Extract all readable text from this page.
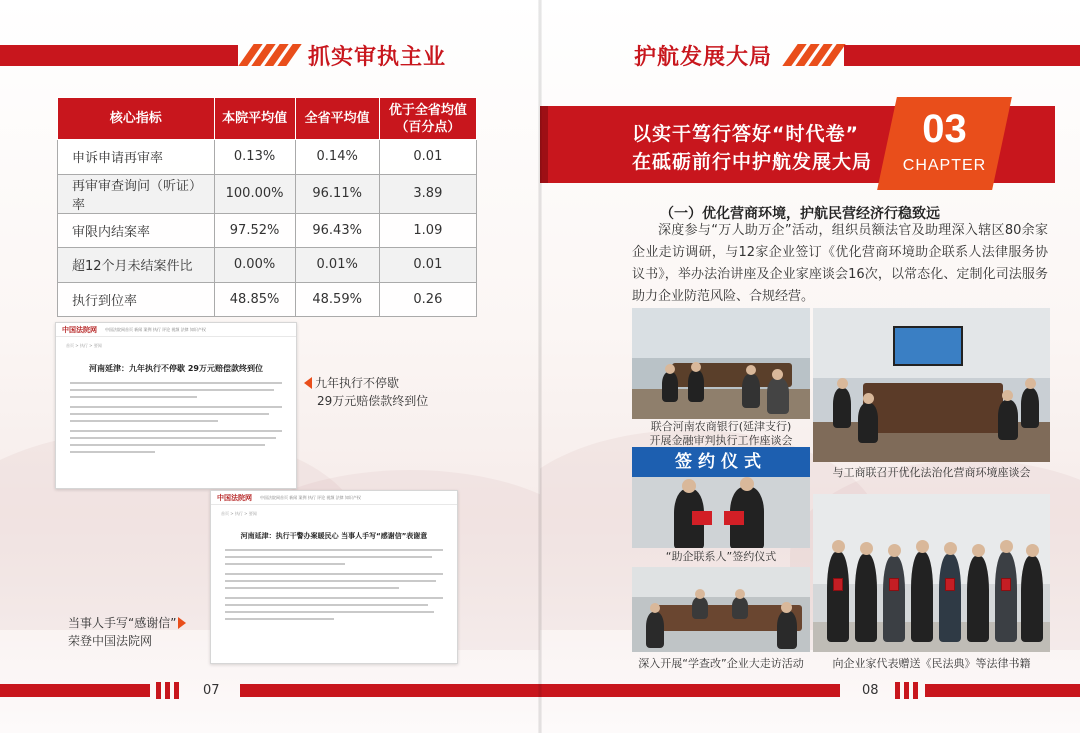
抓实审执主业
核心指标	本院平均值	全省平均值	优于全省均值（百分点）
申诉申请再审率	0.13%	0.14%	0.01
再审审查询问（听证）率	100.00%	96.11%	3.89
审限内结案率	97.52%	96.43%	1.09
超12个月未结案件比	0.00%	0.01%	0.01
执行到位率	48.85%	48.59%	0.26
中国法院网 中国法院网首页 新闻 案例 执行 评论 视频 法律 知识产权
首页 > 执行 > 要闻
河南延津：九年执行不停歇 29万元赔偿款终到位
九年执行不停歇
29万元赔偿款终到位
中国法院网 中国法院网首页 新闻 案例 执行 评论 视频 法律 知识产权
首页 > 执行 > 要闻
河南延津：执行干警办案暖民心 当事人手写“感谢信”表谢意
当事人手写“感谢信”
荣登中国法院网
07
护航发展大局
以实干笃行答好“时代卷”
在砥砺前行中护航发展大局
03
CHAPTER
（一）优化营商环境，护航民营经济行稳致远
深度参与“万人助万企”活动，组织员额法官及助理深入辖区80余家企业走访调研，与12家企业签订《优化营商环境助企联系人法律服务协议书》，举办法治讲座及企业家座谈会16次，以常态化、定制化司法服务助力企业防范风险、合规经营。
联合河南农商银行(延津支行)
开展金融审判执行工作座谈会
与工商联召开优化法治化营商环境座谈会
签约仪式
“助企联系人”签约仪式
深入开展“学查改”企业大走访活动	向企业家代表赠送《民法典》等法律书籍
08
